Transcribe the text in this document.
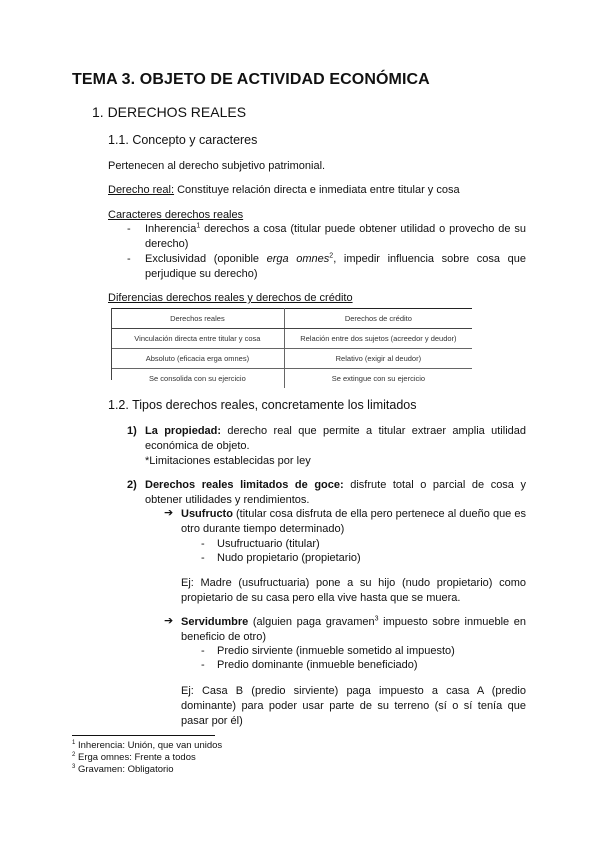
TEMA 3. OBJETO DE ACTIVIDAD ECONÓMICA
1. DERECHOS REALES
1.1. Concepto y caracteres
Pertenecen al derecho subjetivo patrimonial.
Derecho real: Constituye relación directa e inmediata entre titular y cosa
Caracteres derechos reales
- Inherencia$^1$ derechos a cosa (titular puede obtener utilidad o provecho de su derecho)
- Exclusividad (oponible erga omnes$^2$, impedir influencia sobre cosa que perjudique su derecho)
Diferencias derechos reales y derechos de crédito
Derechos reales	Derechos de crédito
Vinculación directa entre titular y cosa	Relación entre dos sujetos (acreedor y deudor)
Absoluto (eficacia erga omnes)	Relativo (exigir al deudor)
Se consolida con su ejercicio	Se extingue con su ejercicio
1.2. Tipos derechos reales, concretamente los limitados
1) La propiedad: derecho real que permite a titular extraer amplia utilidad económica de objeto.
*Limitaciones establecidas por ley
2) Derechos reales limitados de goce: disfrute total o parcial de cosa y obtener utilidades y rendimientos.
➔ Usufructo (titular cosa disfruta de ella pero pertenece al dueño que es otro durante tiempo determinado)
- Usufructuario (titular)
- Nudo propietario (propietario)
Ej: Madre (usufructuaria) pone a su hijo (nudo propietario) como propietario de su casa pero ella vive hasta que se muera.
➔ Servidumbre (alguien paga gravamen$^3$ impuesto sobre inmueble en beneficio de otro)
- Predio sirviente (inmueble sometido al impuesto)
- Predio dominante (inmueble beneficiado)
Ej: Casa B (predio sirviente) paga impuesto a casa A (predio dominante) para poder usar parte de su terreno (sí o sí tenía que pasar por él)
$^1$ Inherencia: Unión, que van unidos
$^2$ Erga omnes: Frente a todos
$^3$ Gravamen: Obligatorio
